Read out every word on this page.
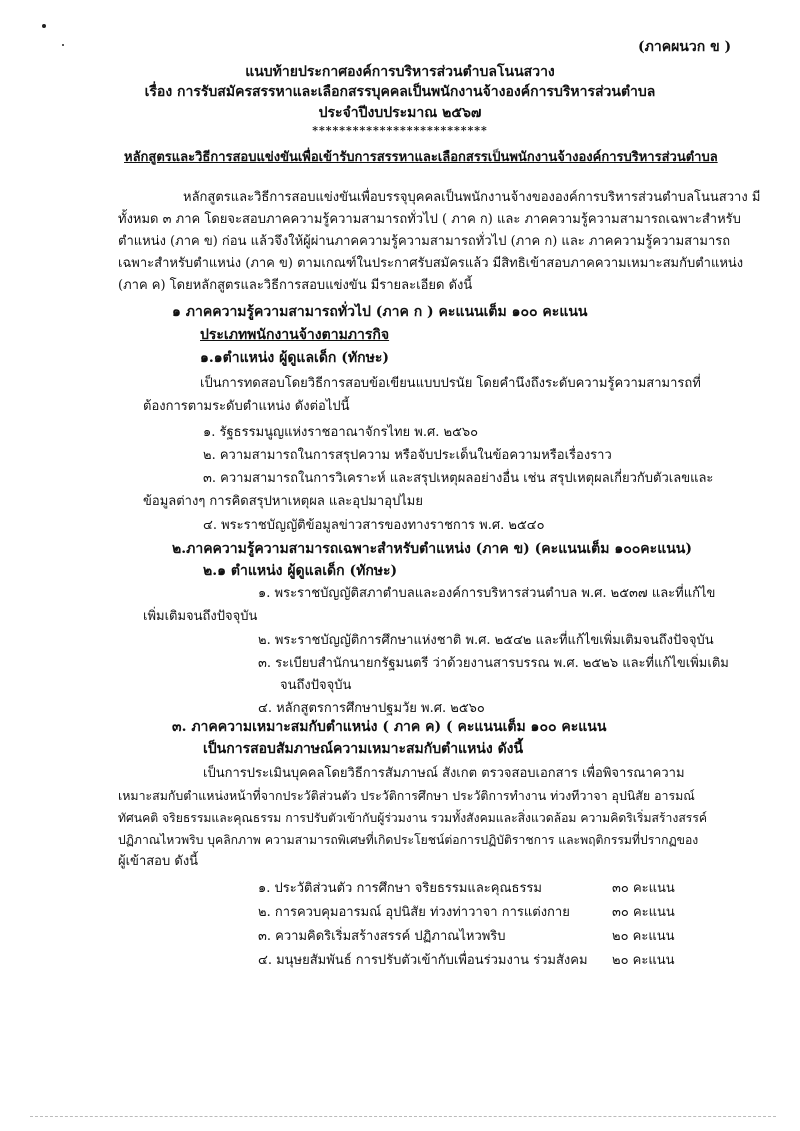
(ภาคผนวก ข )
แนบท้ายประกาศองค์การบริหารส่วนตำบลโนนสวาง
เรื่อง การรับสมัครสรรหาและเลือกสรรบุคคลเป็นพนักงานจ้างองค์การบริหารส่วนตำบล
ประจำปีงบประมาณ ๒๕๖๗
**************************
หลักสูตรและวิธีการสอบแข่งขันเพื่อเข้ารับการสรรหาและเลือกสรรเป็นพนักงานจ้างองค์การบริหารส่วนตำบล
หลักสูตรและวิธีการสอบแข่งขันเพื่อบรรจุบุคคลเป็นพนักงานจ้างขององค์การบริหารส่วนตำบลโนนสวาง มี
ทั้งหมด ๓ ภาค โดยจะสอบภาคความรู้ความสามารถทั่วไป ( ภาค ก) และ ภาคความรู้ความสามารถเฉพาะสำหรับ
ตำแหน่ง (ภาค ข) ก่อน แล้วจึงให้ผู้ผ่านภาคความรู้ความสามารถทั่วไป (ภาค ก) และ ภาคความรู้ความสามารถ
เฉพาะสำหรับตำแหน่ง (ภาค ข) ตามเกณฑ์ในประกาศรับสมัครแล้ว มีสิทธิเข้าสอบภาคความเหมาะสมกับตำแหน่ง
(ภาค ค) โดยหลักสูตรและวิธีการสอบแข่งขัน มีรายละเอียด ดังนี้
๑ ภาคความรู้ความสามารถทั่วไป (ภาค ก ) คะแนนเต็ม ๑๐๐ คะแนน
ประเภทพนักงานจ้างตามภารกิจ
๑.๑ตำแหน่ง ผู้ดูแลเด็ก (ทักษะ)
เป็นการทดสอบโดยวิธีการสอบข้อเขียนแบบปรนัย โดยคำนึงถึงระดับความรู้ความสามารถที่
ต้องการตามระดับตำแหน่ง ดังต่อไปนี้
๑. รัฐธรรมนูญแห่งราชอาณาจักรไทย พ.ศ. ๒๕๖๐
๒. ความสามารถในการสรุปความ หรือจับประเด็นในข้อความหรือเรื่องราว
๓. ความสามารถในการวิเคราะห์ และสรุปเหตุผลอย่างอื่น เช่น สรุปเหตุผลเกี่ยวกับตัวเลขและ
ข้อมูลต่างๆ การคิดสรุปหาเหตุผล และอุปมาอุปไมย
๔. พระราชบัญญัติข้อมูลข่าวสารของทางราชการ พ.ศ. ๒๕๔๐
๒.ภาคความรู้ความสามารถเฉพาะสำหรับตำแหน่ง (ภาค ข) (คะแนนเต็ม ๑๐๐คะแนน)
๒.๑ ตำแหน่ง ผู้ดูแลเด็ก (ทักษะ)
๑. พระราชบัญญัติสภาตำบลและองค์การบริหารส่วนตำบล พ.ศ. ๒๕๓๗ และที่แก้ไข
เพิ่มเติมจนถึงปัจจุบัน
๒. พระราชบัญญัติการศึกษาแห่งชาติ พ.ศ. ๒๕๔๒ และที่แก้ไขเพิ่มเติมจนถึงปัจจุบัน
๓. ระเบียบสำนักนายกรัฐมนตรี ว่าด้วยงานสารบรรณ พ.ศ. ๒๕๒๖ และที่แก้ไขเพิ่มเติม
จนถึงปัจจุบัน
๔. หลักสูตรการศึกษาปฐมวัย พ.ศ. ๒๕๖๐
๓. ภาคความเหมาะสมกับตำแหน่ง ( ภาค ค) ( คะแนนเต็ม ๑๐๐ คะแนน
เป็นการสอบสัมภาษณ์ความเหมาะสมกับตำแหน่ง ดังนี้
เป็นการประเมินบุคคลโดยวิธีการสัมภาษณ์ สังเกต ตรวจสอบเอกสาร เพื่อพิจารณาความ
เหมาะสมกับตำแหน่งหน้าที่จากประวัติส่วนตัว ประวัติการศึกษา ประวัติการทำงาน ท่วงทีวาจา อุปนิสัย อารมณ์
ทัศนคติ จริยธรรมและคุณธรรม การปรับตัวเข้ากับผู้ร่วมงาน รวมทั้งสังคมและสิ่งแวดล้อม ความคิดริเริ่มสร้างสรรค์
ปฏิภาณไหวพริบ บุคลิกภาพ ความสามารถพิเศษที่เกิดประโยชน์ต่อการปฏิบัติราชการ และพฤติกรรมที่ปรากฏของ
ผู้เข้าสอบ ดังนี้
๑. ประวัติส่วนตัว การศึกษา จริยธรรมและคุณธรรม	๓๐ คะแนน
๒. การควบคุมอารมณ์ อุปนิสัย ท่วงท่าวาจา การแต่งกาย	๓๐ คะแนน
๓. ความคิดริเริ่มสร้างสรรค์ ปฏิภาณไหวพริบ	๒๐ คะแนน
๔. มนุษยสัมพันธ์ การปรับตัวเข้ากับเพื่อนร่วมงาน ร่วมสังคม ๒๐ คะแนน
